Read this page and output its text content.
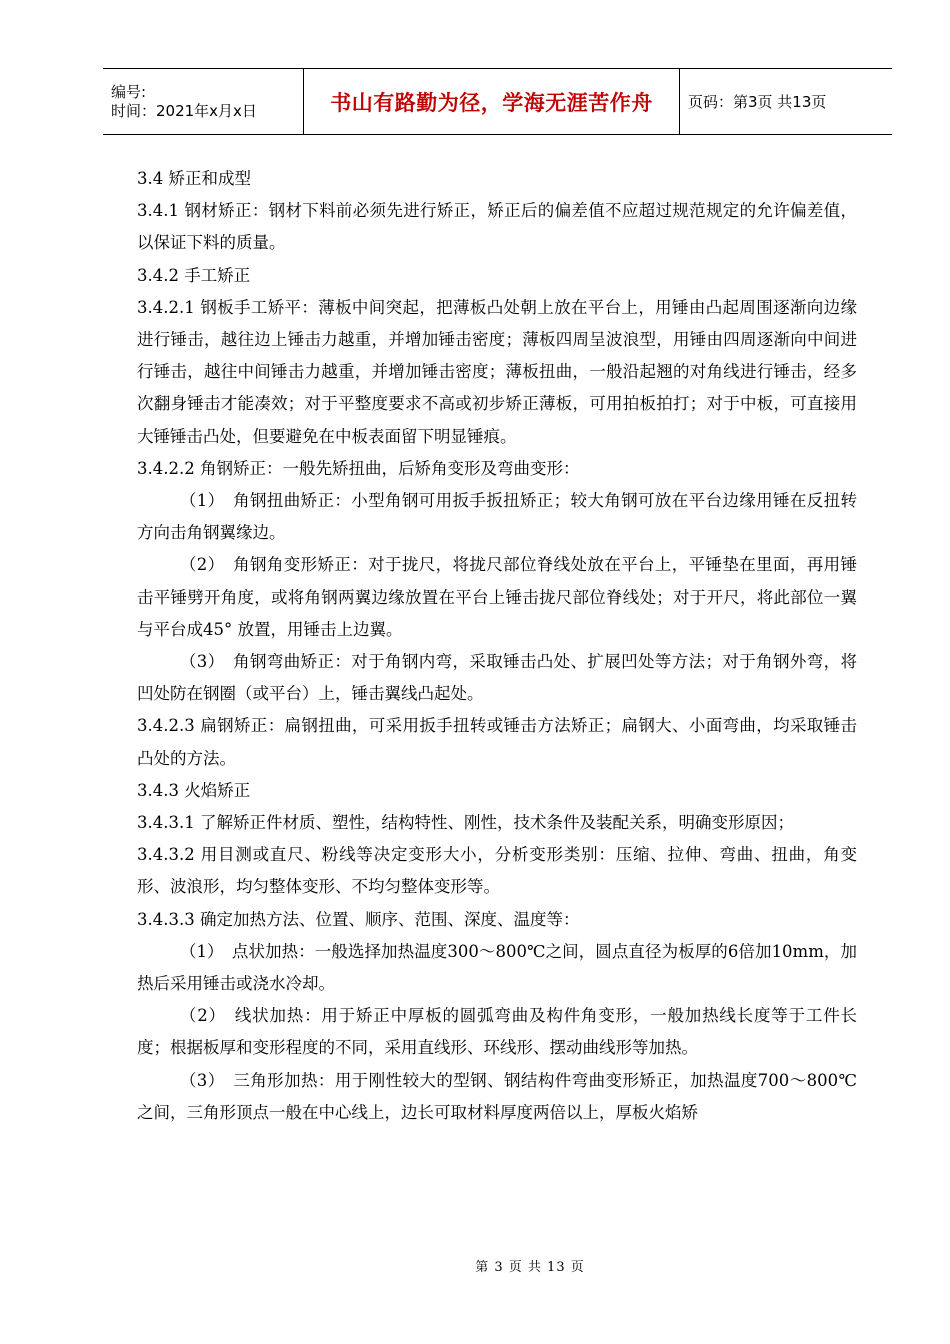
编号:
时间：2021年x月x日	书山有路勤为径，学海无涯苦作舟 页码：第3页 共13页

3.4 矫正和成型

3.4.1 钢材矫正：钢材下料前必须先进行矫正，矫正后的偏差值不应超过规范规定的允许偏差值，以保证下料的质量。

3.4.2 手工矫正

3.4.2.1 钢板手工矫平：薄板中间突起，把薄板凸处朝上放在平台上，用锤由凸起周围逐渐向边缘进行锤击，越往边上锤击力越重，并增加锤击密度；薄板四周呈波浪型，用锤由四周逐渐向中间进行锤击，越往中间锤击力越重，并增加锤击密度；薄板扭曲，一般沿起翘的对角线进行锤击，经多次翻身锤击才能凑效；对于平整度要求不高或初步矫正薄板，可用拍板拍打；对于中板，可直接用大锤锤击凸处，但要避免在中板表面留下明显锤痕。

3.4.2.2 角钢矫正：一般先矫扭曲，后矫角变形及弯曲变形：

（1）　角钢扭曲矫正：小型角钢可用扳手扳扭矫正；较大角钢可放在平台边缘用锤在反扭转方向击角钢翼缘边。

（2）　角钢角变形矫正：对于拢尺，将拢尺部位脊线处放在平台上，平锤垫在里面，再用锤击平锤劈开角度，或将角钢两翼边缘放置在平台上锤击拢尺部位脊线处；对于开尺，将此部位一翼与平台成45° 放置，用锤击上边翼。

（3）　角钢弯曲矫正：对于角钢内弯，采取锤击凸处、扩展凹处等方法；对于角钢外弯，将凹处防在钢圈（或平台）上，锤击翼线凸起处。

3.4.2.3 扁钢矫正：扁钢扭曲，可采用扳手扭转或锤击方法矫正；扁钢大、小面弯曲，均采取锤击凸处的方法。

3.4.3 火焰矫正

3.4.3.1 了解矫正件材质、塑性，结构特性、刚性，技术条件及装配关系，明确变形原因；

3.4.3.2 用目测或直尺、粉线等决定变形大小，分析变形类别：压缩、拉伸、弯曲、扭曲，角变形、波浪形，均匀整体变形、不均匀整体变形等。

3.4.3.3 确定加热方法、位置、顺序、范围、深度、温度等：

（1）　点状加热：一般选择加热温度300～800℃之间，圆点直径为板厚的6倍加10mm，加热后采用锤击或浇水冷却。

（2）　线状加热：用于矫正中厚板的圆弧弯曲及构件角变形，一般加热线长度等于工件长度；根据板厚和变形程度的不同，采用直线形、环线形、摆动曲线形等加热。

（3）　三角形加热：用于刚性较大的型钢、钢结构件弯曲变形矫正，加热温度700～800℃之间，三角形顶点一般在中心线上，边长可取材料厚度两倍以上，厚板火焰矫

第 3 页 共 13 页
